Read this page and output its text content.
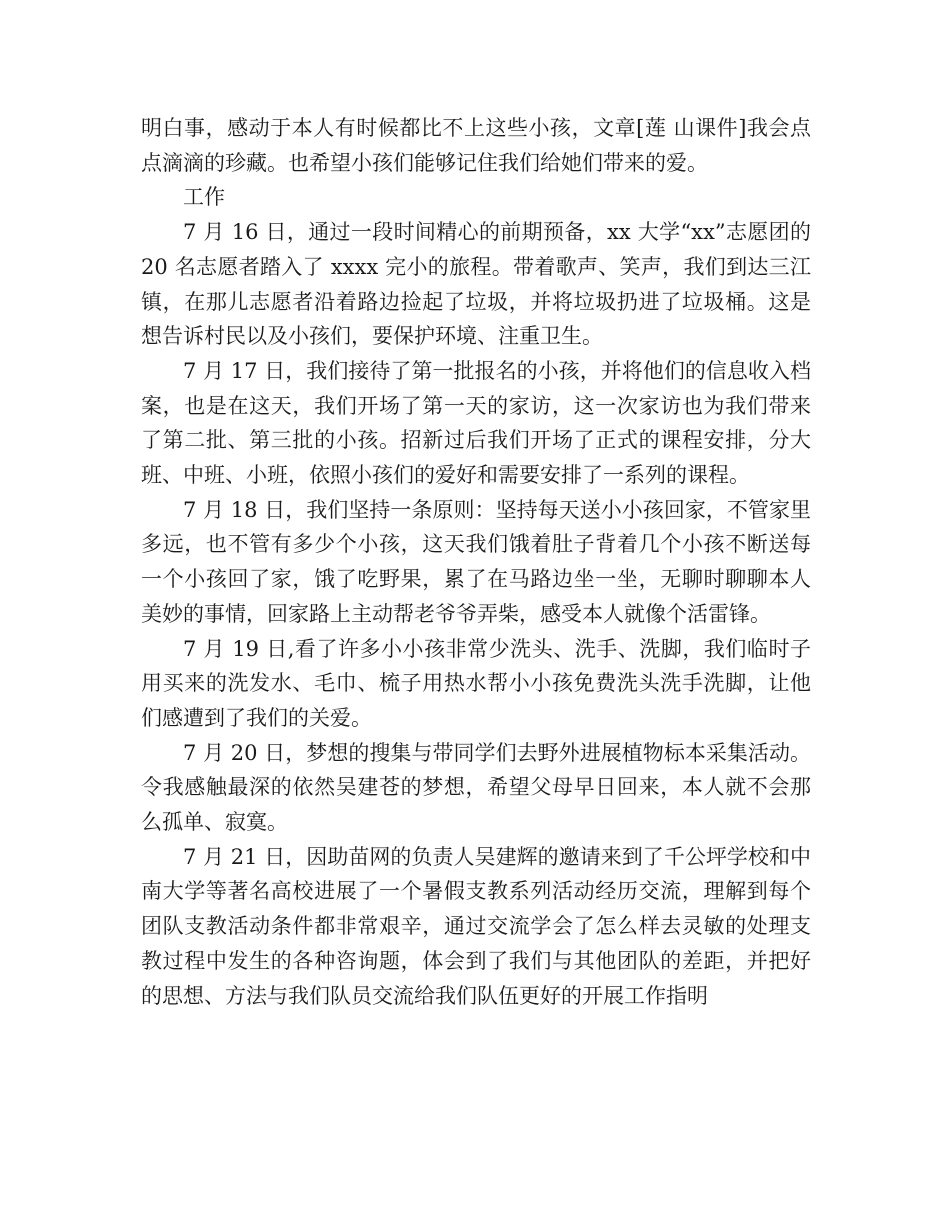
明白事，感动于本人有时候都比不上这些小孩，文章[莲 山课件]我会点点滴滴的珍藏。也希望小孩们能够记住我们给她们带来的爱。

工作

7 月 16 日，通过一段时间精心的前期预备，xx 大学“xx”志愿团的 20 名志愿者踏入了 xxxx 完小的旅程。带着歌声、笑声，我们到达三江镇，在那儿志愿者沿着路边捡起了垃圾，并将垃圾扔进了垃圾桶。这是想告诉村民以及小孩们，要保护环境、注重卫生。

7 月 17 日，我们接待了第一批报名的小孩，并将他们的信息收入档案，也是在这天，我们开场了第一天的家访，这一次家访也为我们带来了第二批、第三批的小孩。招新过后我们开场了正式的课程安排，分大班、中班、小班，依照小孩们的爱好和需要安排了一系列的课程。

7 月 18 日，我们坚持一条原则：坚持每天送小小孩回家，不管家里多远，也不管有多少个小孩，这天我们饿着肚子背着几个小孩不断送每一个小孩回了家，饿了吃野果，累了在马路边坐一坐，无聊时聊聊本人美妙的事情，回家路上主动帮老爷爷弄柴，感受本人就像个活雷锋。

7 月 19 日,看了许多小小孩非常少洗头、洗手、洗脚，我们临时子用买来的洗发水、毛巾、梳子用热水帮小小孩免费洗头洗手洗脚，让他们感遭到了我们的关爱。

7 月 20 日，梦想的搜集与带同学们去野外进展植物标本采集活动。令我感触最深的依然吴建苍的梦想，希望父母早日回来，本人就不会那么孤单、寂寞。

7 月 21 日，因助苗网的负责人吴建辉的邀请来到了千公坪学校和中南大学等著名高校进展了一个暑假支教系列活动经历交流，理解到每个团队支教活动条件都非常艰辛，通过交流学会了怎么样去灵敏的处理支教过程中发生的各种咨询题，体会到了我们与其他团队的差距，并把好的思想、方法与我们队员交流给我们队伍更好的开展工作指明
